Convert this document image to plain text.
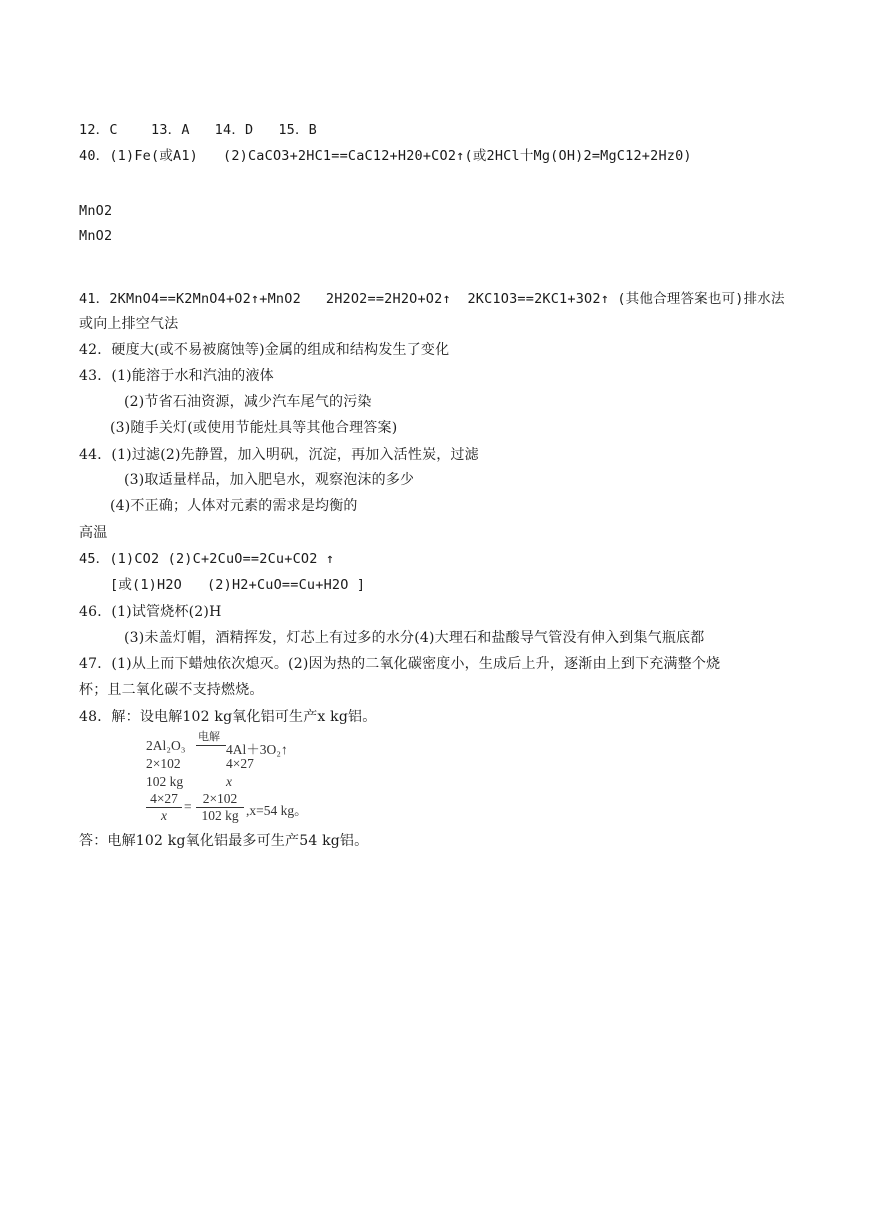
12．C    13．A   14．D   15．B
40．(1)Fe(或A1)   (2)CaCO3+2HC1==CaC12+H20+CO2↑(或2HCl十Mg(OH)2=MgC12+2Hz0)
MnO2
MnO2
41．2KMnO4==K2MnO4+O2↑+MnO2   2H2O2==2H2O+O2↑  2KC1O3==2KC1+3O2↑ (其他合理答案也可)排水法
或向上排空气法
42．硬度大(或不易被腐蚀等)金属的组成和结构发生了变化
43．(1)能溶于水和汽油的液体
(2)节省石油资源，减少汽车尾气的污染
(3)随手关灯(或使用节能灶具等其他合理答案)
44．(1)过滤(2)先静置，加入明矾，沉淀，再加入活性炭，过滤
(3)取适量样品，加入肥皂水，观察泡沫的多少
(4)不正确；人体对元素的需求是均衡的
高温
45．(1)CO2 (2)C+2CuO==2Cu+CO2 ↑
[或(1)H2O   (2)H2+CuO==Cu+H2O ]
46．(1)试管烧杯(2)H
(3)未盖灯帽，酒精挥发，灯芯上有过多的水分(4)大理石和盐酸导气管没有伸入到集气瓶底都
47．(1)从上而下蜡烛依次熄灭。(2)因为热的二氧化碳密度小，生成后上升，逐渐由上到下充满整个烧
杯；且二氧化碳不支持燃烧。
48．解：设电解102 kg氧化铝可生产x kg铝。
2Al₂O₃
电解
4Al＋3O₂↑
2×102	4×27
102 kg	x
$\frac{4\times 27}{x} = \frac{2\times 102}{102 kg} ,x=54$ kg。
答：电解102 kg氧化铝最多可生产54 kg铝。
